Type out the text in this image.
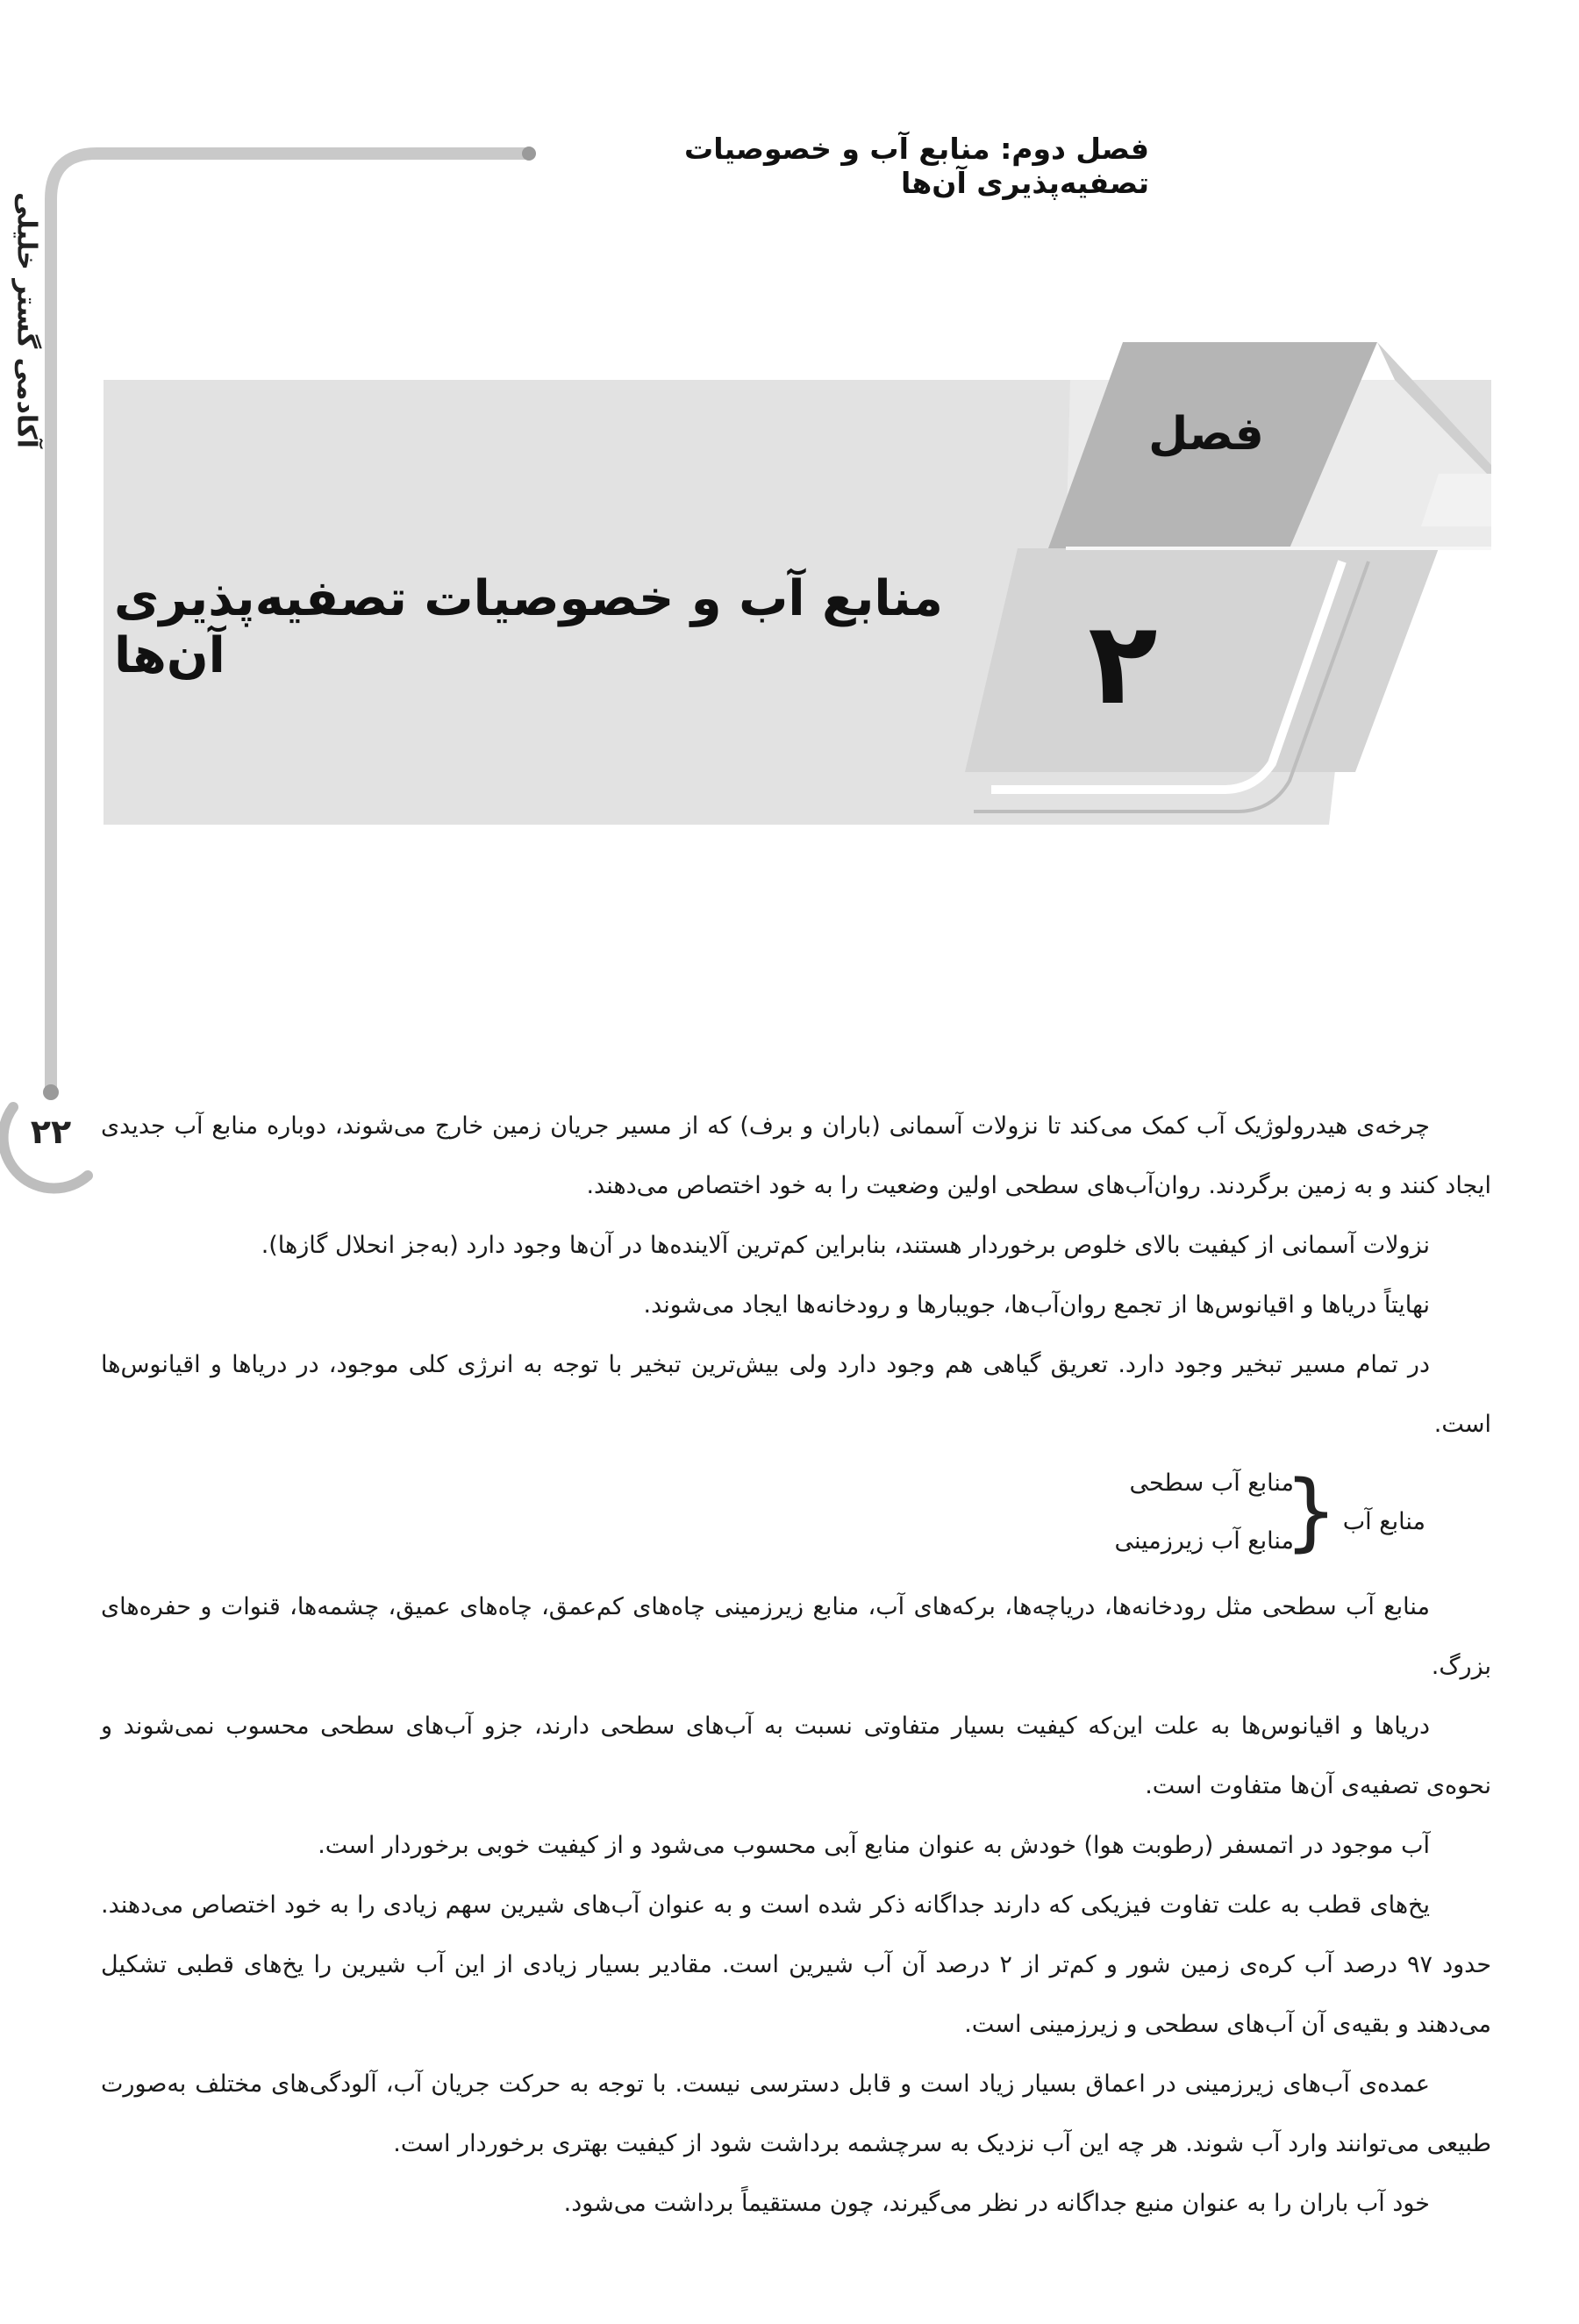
فصل دوم: منابع آب و خصوصیات تصفیه‌پذیری آن‌ها
آکادمی گستر خلیلی
۲۲
فصل
۲
منابع آب و خصوصیات تصفیه‌پذیری آن‌ها

چرخه‌ی هیدرولوژیک آب کمک می‌کند تا نزولات آسمانی (باران و برف) که از مسیر جریان زمین خارج می‌شوند، دوباره منابع آب جدیدی ایجاد کنند و به زمین برگردند. روان‌آب‌های سطحی اولین وضعیت را به خود اختصاص می‌دهند.

نزولات آسمانی از کیفیت بالای خلوص برخوردار هستند، بنابراین کم‌ترین آلاینده‌ها در آن‌ها وجود دارد (به‌جز انحلال گازها).

نهایتاً دریاها و اقیانوس‌ها از تجمع روان‌آب‌ها، جویبارها و رودخانه‌ها ایجاد می‌شوند.

در تمام مسیر تبخیر وجود دارد. تعریق گیاهی هم وجود دارد ولی بیش‌ترین تبخیر با توجه به انرژی کلی موجود، در دریاها و اقیانوس‌ها است.

منابع آب
{
منابع آب سطحی
منابع آب زیرزمینی

منابع آب سطحی مثل رودخانه‌ها، دریاچه‌ها، برکه‌های آب، منابع زیرزمینی چاه‌های کم‌عمق، چاه‌های عمیق، چشمه‌ها، قنوات و حفره‌های بزرگ.

دریاها و اقیانوس‌ها به علت این‌که کیفیت بسیار متفاوتی نسبت به آب‌های سطحی دارند، جزو آب‌های سطحی محسوب نمی‌شوند و نحوه‌ی تصفیه‌ی آن‌ها متفاوت است.

آب موجود در اتمسفر (رطوبت هوا) خودش به عنوان منابع آبی محسوب می‌شود و از کیفیت خوبی برخوردار است.

یخ‌های قطب به علت تفاوت فیزیکی که دارند جداگانه ذکر شده است و به عنوان آب‌های شیرین سهم زیادی را به خود اختصاص می‌دهند. حدود ۹۷ درصد آب کره‌ی زمین شور و کم‌تر از ۲ درصد آن آب شیرین است. مقادیر بسیار زیادی از این آب شیرین را یخ‌های قطبی تشکیل می‌دهند و بقیه‌ی آن آب‌های سطحی و زیرزمینی است.

عمده‌ی آب‌های زیرزمینی در اعماق بسیار زیاد است و قابل دسترسی نیست. با توجه به حرکت جریان آب، آلودگی‌های مختلف به‌صورت طبیعی می‌توانند وارد آب شوند. هر چه این آب نزدیک به سرچشمه برداشت شود از کیفیت بهتری برخوردار است.

خود آب باران را به عنوان منبع جداگانه در نظر می‌گیرند، چون مستقیماً برداشت می‌شود.
